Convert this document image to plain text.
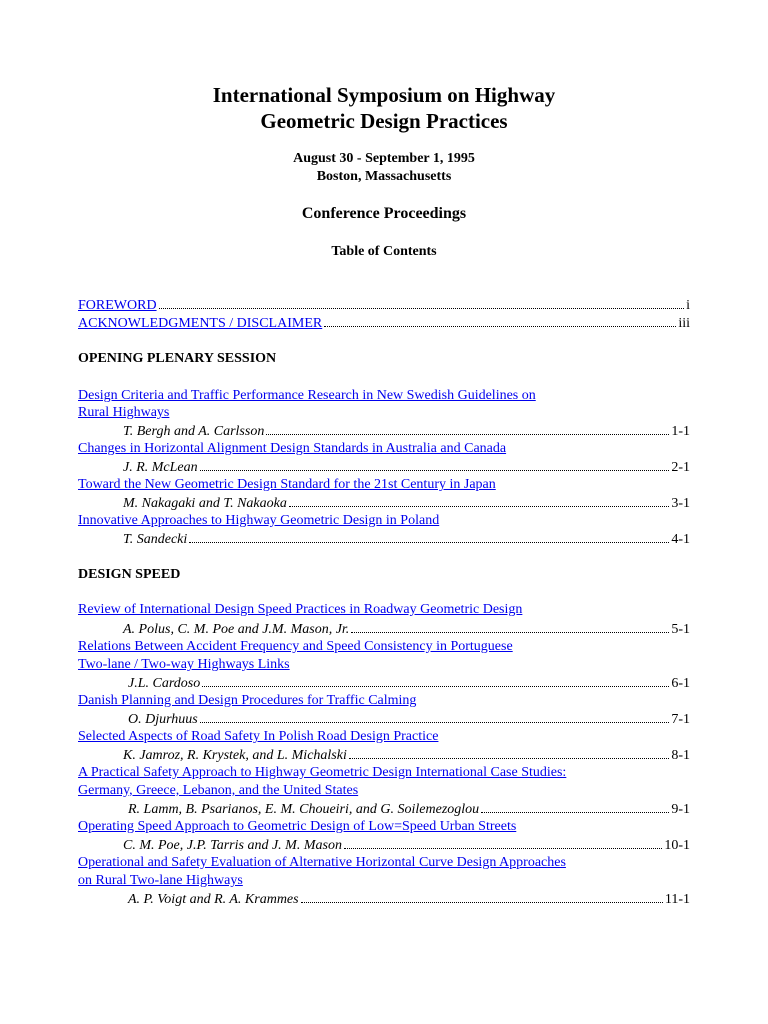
International Symposium on Highway
Geometric Design Practices
August 30 - September 1, 1995
Boston, Massachusetts
Conference Proceedings
Table of Contents
FOREWORD	i
ACKNOWLEDGMENTS / DISCLAIMER	iii
OPENING PLENARY SESSION
Design Criteria and Traffic Performance Research in New Swedish Guidelines on
Rural Highways
T. Bergh and A. Carlsson	1-1
Changes in Horizontal Alignment Design Standards in Australia and Canada
J. R. McLean	2-1
Toward the New Geometric Design Standard for the 21st Century in Japan
M. Nakagaki and T. Nakaoka	3-1
Innovative Approaches to Highway Geometric Design in Poland
T. Sandecki	4-1
DESIGN SPEED
Review of International Design Speed Practices in Roadway Geometric Design
A. Polus, C. M. Poe and J.M. Mason, Jr.	5-1
Relations Between Accident Frequency and Speed Consistency in Portuguese
Two-lane / Two-way Highways Links
J.L. Cardoso	6-1
Danish Planning and Design Procedures for Traffic Calming
O. Djurhuus	7-1
Selected Aspects of Road Safety In Polish Road Design Practice
K. Jamroz, R. Krystek, and L. Michalski	8-1
A Practical Safety Approach to Highway Geometric Design International Case Studies:
Germany, Greece, Lebanon, and the United States
R. Lamm, B. Psarianos, E. M. Choueiri, and G. Soilemezoglou	9-1
Operating Speed Approach to Geometric Design of Low=Speed Urban Streets
C. M. Poe, J.P. Tarris and J. M. Mason	10-1
Operational and Safety Evaluation of Alternative Horizontal Curve Design Approaches
on Rural Two-lane Highways
A. P. Voigt and R. A. Krammes	11-1
